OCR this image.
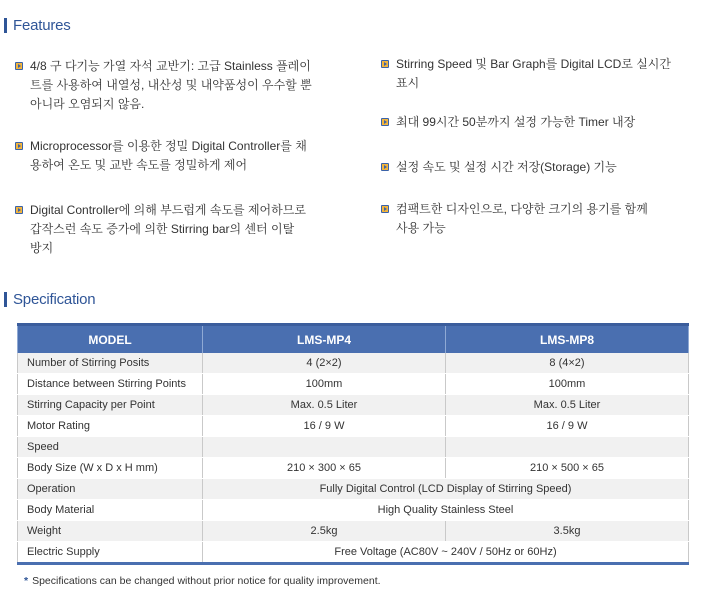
Features
4/8 구 다기능 가열 자석 교반기: 고급 Stainless 플레이
트를 사용하여 내열성, 내산성 및 내약품성이 우수할 뿐
아니라 오염되지 않음.
Microprocessor를 이용한 정밀 Digital Controller를 채
용하여 온도 및 교반 속도를 정밀하게 제어
Digital Controller에 의해 부드럽게 속도를 제어하므로
갑작스런 속도 증가에 의한 Stirring bar의 센터 이탈
방지
Stirring Speed 및 Bar Graph를 Digital LCD로 실시간
표시
최대 99시간 50분까지 설정 가능한 Timer 내장
설정 속도 및 설정 시간 저장(Storage) 기능
컴팩트한 디자인으로, 다양한 크기의 용기를 함께
사용 가능
Specification
MODEL	LMS-MP4	LMS-MP8
Number of Stirring Posits	4 (2×2)	8 (4×2)
Distance between Stirring Points	100mm	100mm
Stirring Capacity per Point	Max. 0.5 Liter	Max. 0.5 Liter
Motor Rating	16 / 9 W	16 / 9 W
Speed		
Body Size (W x D x H mm)	210 × 300 × 65	210 × 500 × 65
Operation	Fully Digital Control (LCD Display of Stirring Speed)	
Body Material	High Quality Stainless Steel	
Weight	2.5kg	3.5kg
Electric Supply	Free Voltage (AC80V ~ 240V / 50Hz or 60Hz)	
* Specifications can be changed without prior notice for quality improvement.
